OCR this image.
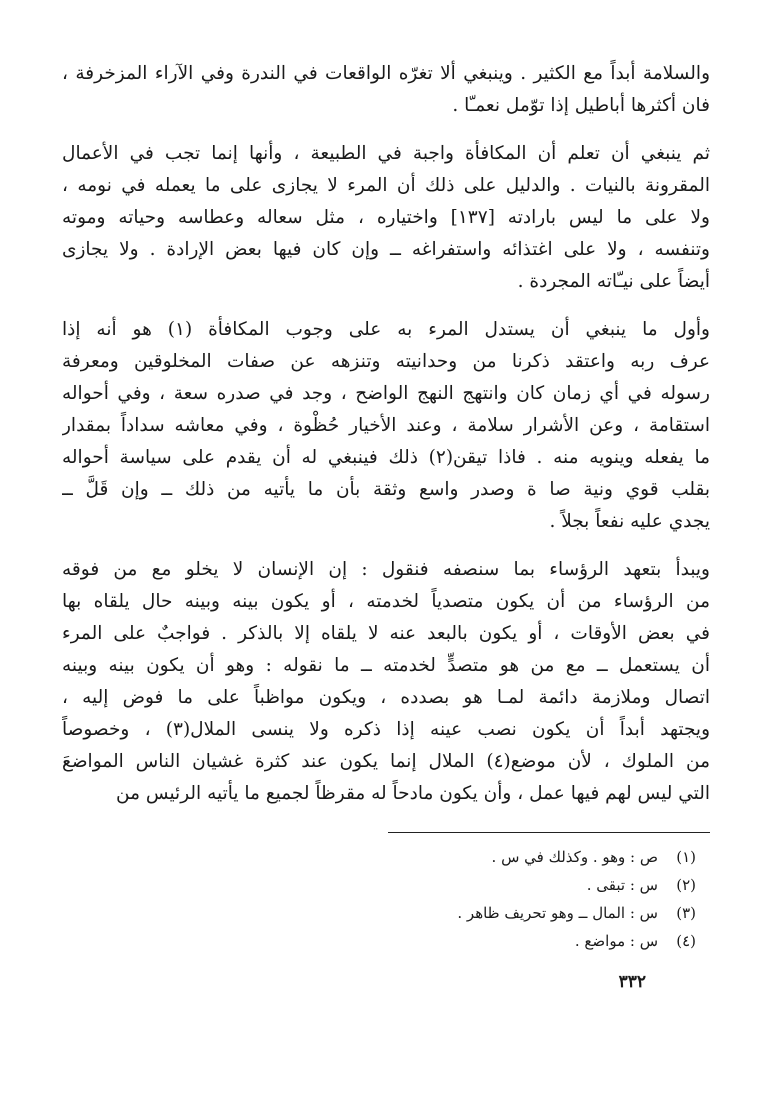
والسلامة أبداً مع الكثير . وينبغي ألا تغرّه الواقعات في الندرة وفي الآراء المزخرفة ،
فان أكثرها أباطيل إذا توّمل نعمـّا .

ثم ينبغي أن تعلم أن المكافأة واجبة في الطبيعة ، وأنها إنما تجب في الأعمال
المقرونة بالنيات . والدليل على ذلك أن المرء لا يجازى على ما يعمله في نومه ،
ولا على ما ليس بارادته [١٣٧] واختياره ، مثل سعاله وعطاسه وحياته وموته
وتنفسه ، ولا على اغتذائه واستفراغه ــ وإن كان فيها بعض الإرادة . ولا يجازى
أيضاً على نيـّاته المجردة .

وأول ما ينبغي أن يستدل المرء به على وجوب المكافأة (١) هو أنه إذا
عرف ربه واعتقد ذكرنا من وحدانيته وتنزهه عن صفات المخلوقين ومعرفة
رسوله في أي زمان كان وانتهج النهج الواضح ، وجد في صدره سعة ، وفي أحواله
استقامة ، وعن الأشرار سلامة ، وعند الأخيار حُظْوة ، وفي معاشه سداداً بمقدار
ما يفعله وينويه منه . فاذا تيقن(٢) ذلك فينبغي له أن يقدم على سياسة أحواله
بقلب قوي ونية صا ة وصدر واسع وثقة بأن ما يأتيه من ذلك ــ وإن قَلَّ ــ
يجدي عليه نفعاً بجلاً .

ويبدأ بتعهد الرؤساء بما سنصفه فنقول : إن الإنسان لا يخلو مع من فوقه
من الرؤساء من أن يكون متصدياً لخدمته ، أو يكون بينه وبينه حال يلقاه بها
في بعض الأوقات ، أو يكون بالبعد عنه لا يلقاه إلا بالذكر . فواجبٌ على المرء
أن يستعمل ــ مع من هو متصدٍّ لخدمته ــ ما نقوله : وهو أن يكون بينه وبينه
اتصال وملازمة دائمة لمـا هو بصدده ، ويكون مواظباً على ما فوض إليه ،
ويجتهد أبداً أن يكون نصب عينه إذا ذكره ولا ينسى الملال(٣) ، وخصوصاً
من الملوك ، لأن موضع(٤) الملال إنما يكون عند كثرة غشيان الناس المواضعَ
التي ليس لهم فيها عمل ، وأن يكون مادحاً له مقرظاً لجميع ما يأتيه الرئيس من

(١)ص : وهو . وكذلك في س .
(٢)س : تبقى .
(٣)س : المال ــ وهو تحريف ظاهر .
(٤)س : مواضع .
٣٣٢
